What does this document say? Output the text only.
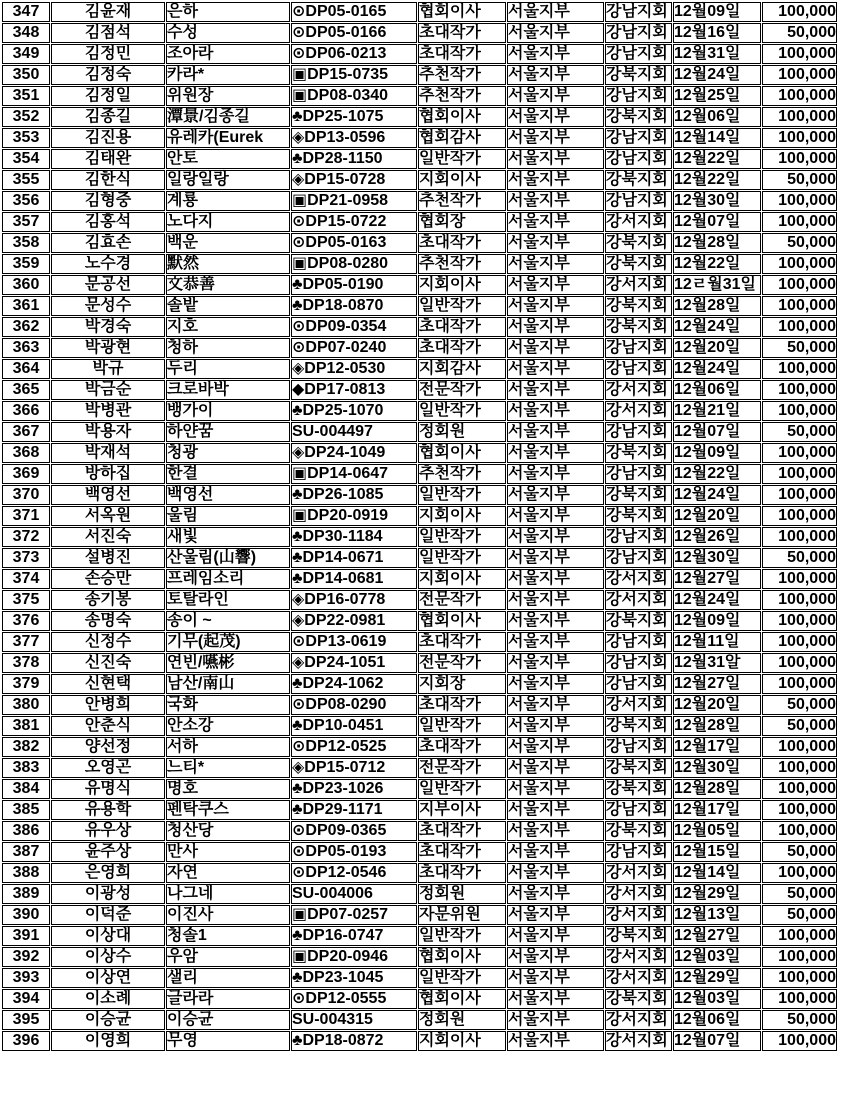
347	김윤재	은하	⊙DP05-0165	협회이사	서울지부	강남지회	12월09일	100,000
348	김점석	수성	⊙DP05-0166	초대작가	서울지부	강남지회	12월16일	50,000
349	김정민	조아라	⊙DP06-0213	초대작가	서울지부	강남지회	12월31일	100,000
350	김정숙	카라*	▣DP15-0735	추천작가	서울지부	강북지회	12월24일	100,000
351	김정일	위원장	▣DP08-0340	추천작가	서울지부	강남지회	12월25일	100,000
352	김종길	潭景/김종길	♣DP25-1075	협회이사	서울지부	강북지회	12월06일	100,000
353	김진용	유레카(Eurek	◈DP13-0596	협회감사	서울지부	강남지회	12월14일	100,000
354	김태완	안토	♣DP28-1150	일반작가	서울지부	강남지회	12월22일	100,000
355	김한식	일랑일랑	◈DP15-0728	지회이사	서울지부	강북지회	12월22일	50,000
356	김형중	계룡	▣DP21-0958	추천작가	서울지부	강남지회	12월30일	100,000
357	김홍석	노다지	⊙DP15-0722	협회장	서울지부	강서지회	12월07일	100,000
358	김효손	백운	⊙DP05-0163	초대작가	서울지부	강북지회	12월28일	50,000
359	노수경	默然	▣DP08-0280	추천작가	서울지부	강북지회	12월22일	100,000
360	문공선	文恭善	♣DP05-0190	지회이사	서울지부	강서지회	12ㄹ월31일	100,000
361	문성수	솔밭	♣DP18-0870	일반작가	서울지부	강북지회	12월28일	100,000
362	박경숙	지호	⊙DP09-0354	초대작가	서울지부	강북지회	12월24일	100,000
363	박광현	청하	⊙DP07-0240	초대작가	서울지부	강남지회	12월20일	50,000
364	박규	두리	◈DP12-0530	지회감사	서울지부	강남지회	12월24일	100,000
365	박금순	크로바박	◆DP17-0813	전문작가	서울지부	강서지회	12월06일	100,000
366	박병관	뱅가이	♣DP25-1070	일반작가	서울지부	강서지회	12월21일	100,000
367	박용자	하얀꿈	SU-004497	정회원	서울지부	강남지회	12월07일	50,000
368	박재석	청광	◈DP24-1049	협회이사	서울지부	강북지회	12월09일	100,000
369	방하집	한결	▣DP14-0647	추천작가	서울지부	강남지회	12월22일	100,000
370	백영선	백영선	♣DP26-1085	일반작가	서울지부	강북지회	12월24일	100,000
371	서옥원	울림	▣DP20-0919	지회이사	서울지부	강북지회	12월20일	100,000
372	서진숙	새빛	♣DP30-1184	일반작가	서울지부	강남지회	12월26일	100,000
373	설병진	산울림(山響)	♣DP14-0671	일반작가	서울지부	강남지회	12월30일	50,000
374	손승만	프레임소리	♣DP14-0681	지회이사	서울지부	강서지회	12월27일	100,000
375	송기봉	토탈라인	◈DP16-0778	전문작가	서울지부	강서지회	12월24일	100,000
376	송명숙	송이 ~	◈DP22-0981	협회이사	서울지부	강북지회	12월09일	100,000
377	신정수	기무(起茂)	⊙DP13-0619	초대작가	서울지부	강남지회	12월11일	100,000
378	신진숙	연빈/嚥彬	◈DP24-1051	전문작가	서울지부	강남지회	12월31알	100,000
379	신현택	남산/南山	♣DP24-1062	지회장	서울지부	강남지회	12월27일	100,000
380	안병희	국화	⊙DP08-0290	초대작가	서울지부	강서지회	12월20일	50,000
381	안춘식	안소강	♣DP10-0451	일반작가	서울지부	강북지회	12월28일	50,000
382	양선정	서하	⊙DP12-0525	초대작가	서울지부	강남지회	12월17일	100,000
383	오영곤	느티*	◈DP15-0712	전문작가	서울지부	강북지회	12월30일	100,000
384	유명식	명호	♣DP23-1026	일반작가	서울지부	강북지회	12월28일	100,000
385	유용학	펜탁쿠스	♣DP29-1171	지부이사	서울지부	강남지회	12월17일	100,000
386	유우상	청산당	⊙DP09-0365	초대작가	서울지부	강북지회	12월05일	100,000
387	윤주상	만사	⊙DP05-0193	초대작가	서울지부	강남지회	12월15일	50,000
388	은영희	자연	⊙DP12-0546	초대작가	서울지부	강서지회	12월14일	100,000
389	이광성	나그네	SU-004006	정회원	서울지부	강서지회	12월29일	50,000
390	이덕준	이진사	▣DP07-0257	자문위원	서울지부	강서지회	12월13일	50,000
391	이상대	청솔1	♣DP16-0747	일반작가	서울지부	강북지회	12월27일	100,000
392	이상수	우암	▣DP20-0946	협회이사	서울지부	강서지회	12월03일	100,000
393	이상연	샐리	♣DP23-1045	일반작가	서울지부	강서지회	12월29일	100,000
394	이소례	글라라	⊙DP12-0555	협회이사	서울지부	강북지회	12월03일	100,000
395	이승균	이승균	SU-004315	정회원	서울지부	강서지회	12월06일	50,000
396	이영희	무영	♣DP18-0872	지회이사	서울지부	강서지회	12월07일	100,000
